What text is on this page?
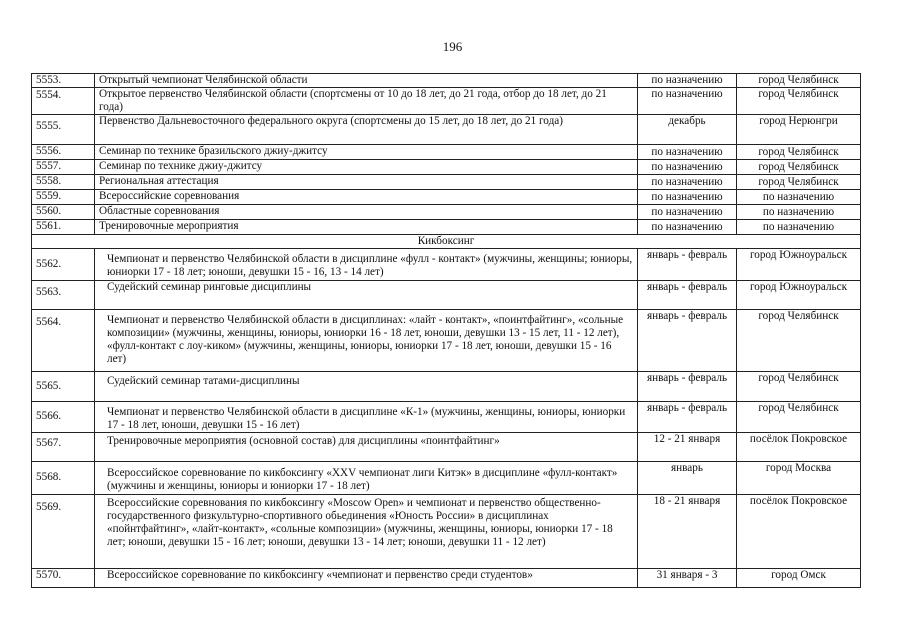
196
5553.	Открытый чемпионат Челябинской области	по назначению	город Челябинск
5554.	Открытое первенство Челябинской области (спортсмены от 10 до 18 лет, до 21 года, отбор до 18 лет, до 21 года)	по назначению	город Челябинск
5555.	Первенство Дальневосточного федерального округа (спортсмены до 15 лет, до 18 лет, до 21 года)	декабрь	город Нерюнгри
5556.	Семинар по технике бразильского джиу-джитсу	по назначению	город Челябинск
5557.	Семинар по технике джиу-джитсу	по назначению	город Челябинск
5558.	Региональная аттестация	по назначению	город Челябинск
5559.	Всероссийские соревнования	по назначению	по назначению
5560.	Областные соревнования	по назначению	по назначению
5561.	Тренировочные мероприятия	по назначению	по назначению
Кикбоксинг			
5562.	Чемпионат и первенство Челябинской области в дисциплине «фулл - контакт» (мужчины, женщины; юниоры, юниорки 17 - 18 лет; юноши, девушки 15 - 16, 13 - 14 лет)	январь - февраль	город Южноуральск
5563.	Судейский семинар ринговые дисциплины	январь - февраль	город Южноуральск
5564.	Чемпионат и первенство Челябинской области в дисциплинах: «лайт - контакт», «поинтфайтинг», «сольные композиции» (мужчины, женщины, юниоры, юниорки 16 - 18 лет, юноши, девушки 13 - 15 лет, 11 - 12 лет), «фулл-контакт с лоу-киком» (мужчины, женщины, юниоры, юниорки 17 - 18 лет, юноши, девушки 15 - 16 лет)	январь - февраль	город Челябинск
5565.	Судейский семинар татами-дисциплины	январь - февраль	город Челябинск
5566.	Чемпионат и первенство Челябинской области в дисциплине «К-1» (мужчины, женщины, юниоры, юниорки 17 - 18 лет, юноши, девушки 15 - 16 лет)	январь - февраль	город Челябинск
5567.	Тренировочные мероприятия (основной состав) для дисциплины «поинтфайтинг»	12 - 21 января	посёлок Покровское
5568.	Всероссийское соревнование по кикбоксингу «XXV чемпионат лиги Китэк» в дисциплине «фулл-контакт» (мужчины и женщины, юниоры и юниорки 17 - 18 лет)	январь	город Москва
5569.	Всероссийские соревнования по кикбоксингу «Moscow Open» и чемпионат и первенство общественно-государственного физкультурно-спортивного обьединения «Юность России» в дисциплинах «пойнтфайтинг», «лайт-контакт», «сольные композиции» (мужчины, женщины, юниоры, юниорки 17 - 18 лет; юноши, девушки 15 - 16 лет; юноши, девушки 13 - 14 лет; юноши, девушки 11 - 12 лет)	18 - 21 января	посёлок Покровское
5570.	Всероссийское соревнование по кикбоксингу «чемпионат и первенство среди студентов»	31 января - 3	город Омск
